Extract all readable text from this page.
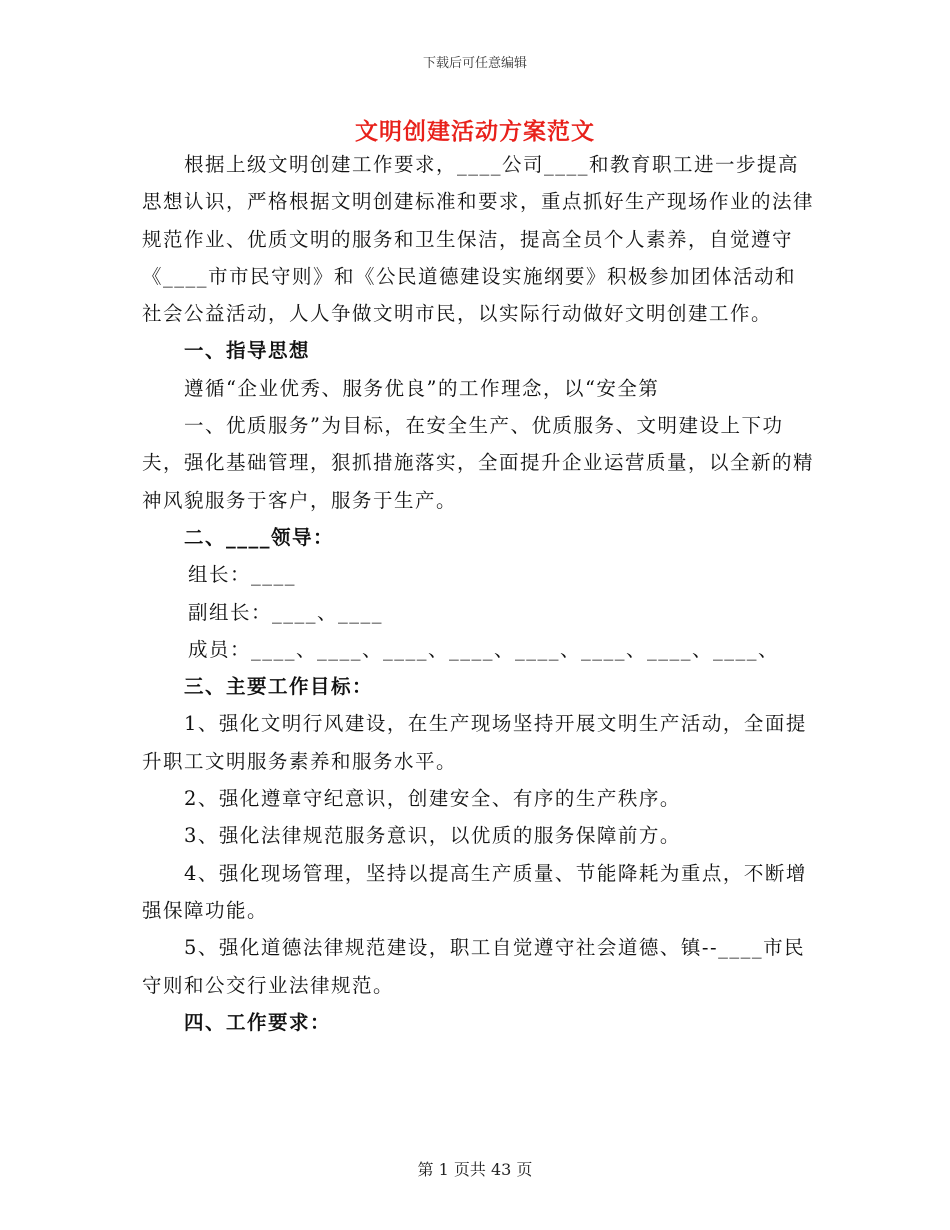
下载后可任意编辑
文明创建活动方案范文

根据上级文明创建工作要求，____公司____和教育职工进一步提高思想认识，严格根据文明创建标准和要求，重点抓好生产现场作业的法律规范作业、优质文明的服务和卫生保洁，提高全员个人素养，自觉遵守《____市市民守则》和《公民道德建设实施纲要》积极参加团体活动和社会公益活动，人人争做文明市民，以实际行动做好文明创建工作。

一、指导思想

遵循“企业优秀、服务优良”的工作理念，以“安全第

一、优质服务”为目标，在安全生产、优质服务、文明建设上下功夫，强化基础管理，狠抓措施落实，全面提升企业运营质量，以全新的精神风貌服务于客户，服务于生产。

二、____领导：

组长：____

副组长：____、____

成员：____、____、____、____、____、____、____、____、

三、主要工作目标：

1、强化文明行风建设，在生产现场坚持开展文明生产活动，全面提升职工文明服务素养和服务水平。

2、强化遵章守纪意识，创建安全、有序的生产秩序。

3、强化法律规范服务意识，以优质的服务保障前方。

4、强化现场管理，坚持以提高生产质量、节能降耗为重点，不断增强保障功能。

5、强化道德法律规范建设，职工自觉遵守社会道德、镇--____市民守则和公交行业法律规范。

四、工作要求：

第 1 页共 43 页
